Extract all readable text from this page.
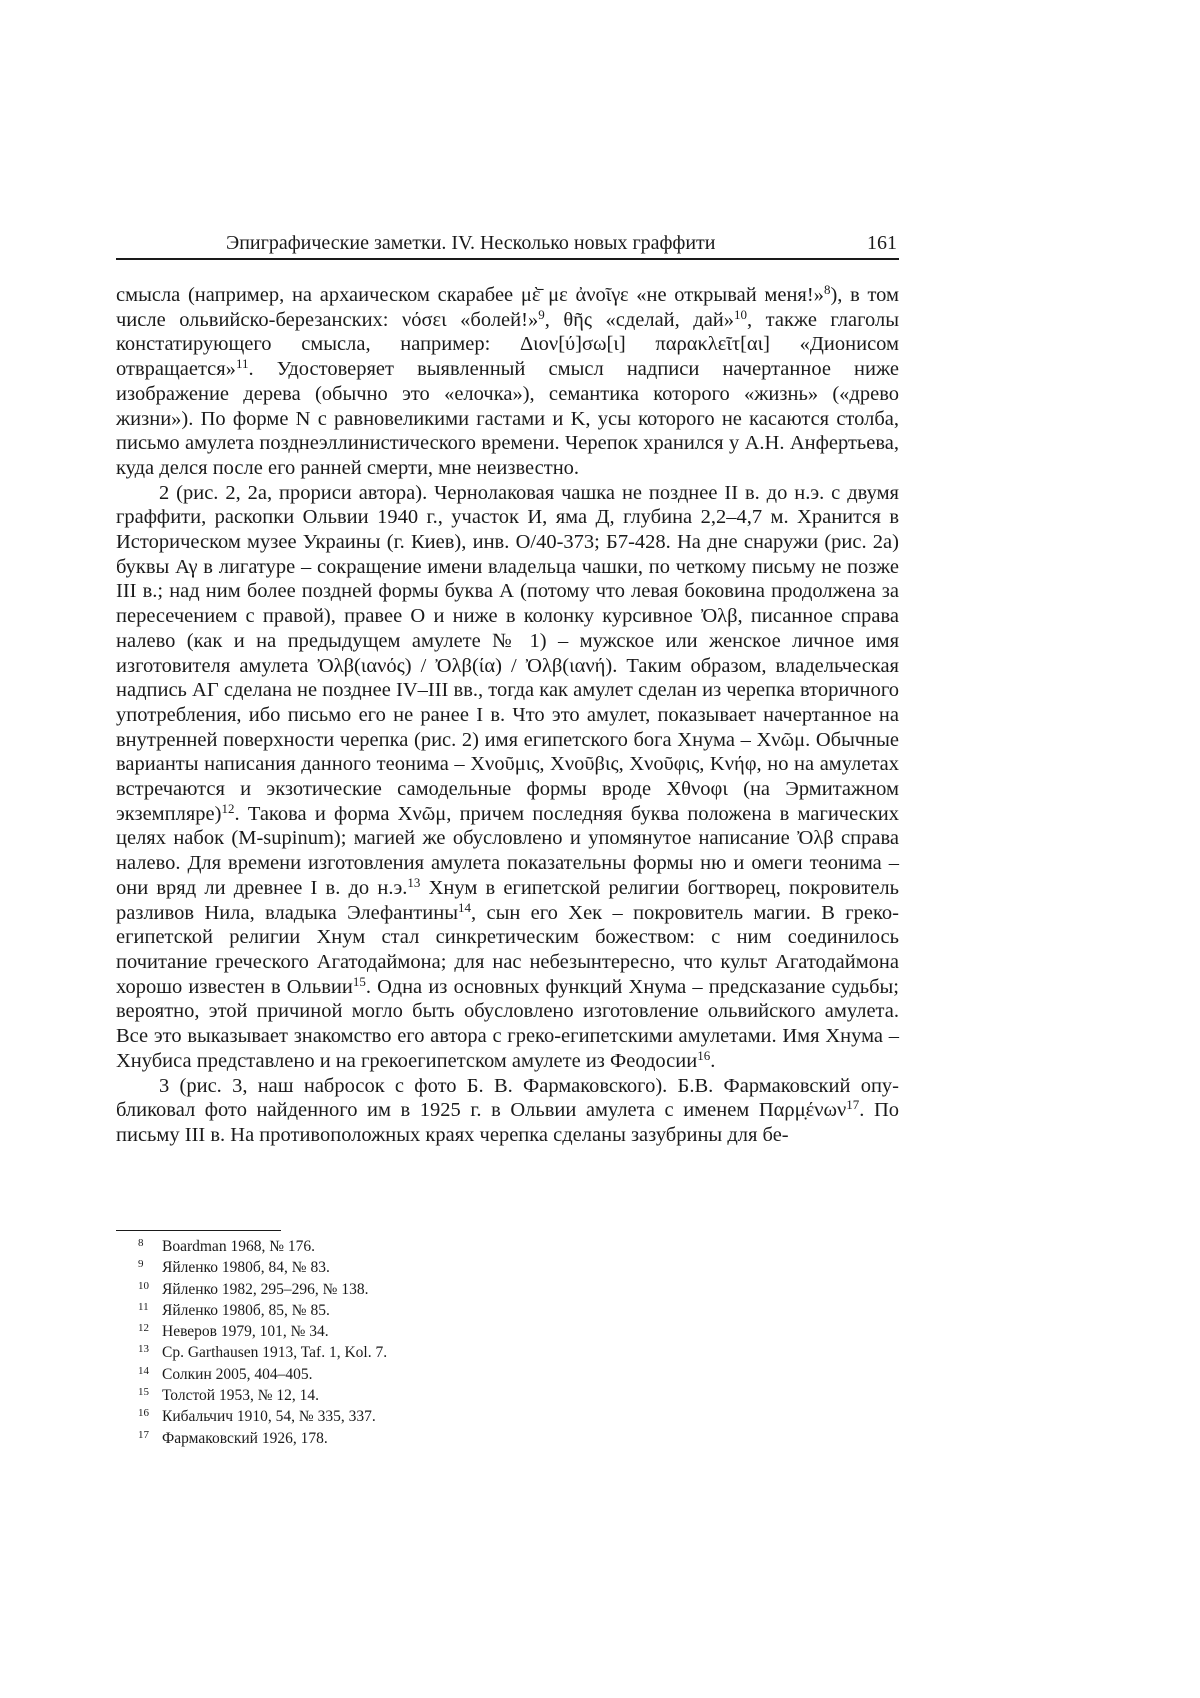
Эпиграфические заметки. IV. Несколько новых граффити	161

смысла (например, на архаическом скарабее μὲ̄ με ἀνοῖγε «не открывай меня!»$^8$), в том числе ольвийско-березанских: νόσει «болей!»$^9$, θῆς «сделай, дай»$^{10}$, также глаголы констатирующего смысла, например: Διον[ύ]σω[ι] παρακλεῖτ[αι] «Дионисом отвращается»$^{11}$. Удостоверяет выявленный смысл надписи начертанное ниже изображение дерева (обычно это «елочка»), семантика которого «жизнь» («древо жизни»). По форме N с равновеликими гастами и K, усы которого не касаются столба, письмо амулета позднеэллинистического времени. Черепок хранился у А.Н. Анфертьева, куда делся после его ранней смерти, мне неизвестно.

2 (рис. 2, 2а, прориси автора). Чернолаковая чашка не позднее II в. до н.э. с двумя граффити, раскопки Ольвии 1940 г., участок И, яма Д, глубина 2,2–4,7 м. Хранится в Историческом музее Украины (г. Киев), инв. О/40-373; Б7-428. На дне снаружи (рис. 2а) буквы Αγ в лигатуре – сокращение имени владельца чашки, по четкому письму не позже III в.; над ним более поздней формы буква А (потому что левая боковина продолжена за пересечением с правой), правее О и ниже в колонку курсивное Ὀλβ, писанное справа налево (как и на предыдущем амулете № 1) – мужское или женское личное имя изготовителя амулета Ὀλβ(ιανός) / Ὀλβ(ία) / Ὀλβ(ιανή). Таким образом, владельческая надпись АГ сделана не позднее IV–III вв., тогда как амулет сделан из черепка вторичного употребления, ибо письмо его не ранее I в. Что это амулет, показывает начертанное на внутренней поверхности черепка (рис. 2) имя египетского бога Хнума – Χνῶμ. Обычные варианты написания данного теонима – Χνοῦμις, Χνοῦβις, Χνοῦφις, Κνήφ, но на амулетах встречаются и экзотические самодельные формы вроде Χθνοφι (на Эрмитажном экземпляре)$^{12}$. Такова и форма Χνῶμ, причем последняя буква положена в магических целях набок (M-supinum); магией же обусловлено и упомянутое написание Ὀλβ справа налево. Для времени изготовления амулета показательны формы ню и омеги теонима – они вряд ли древнее I в. до н.э.$^{13}$ Хнум в египетской религии богтворец, покровитель разливов Нила, владыка Элефантины$^{14}$, сын его Хек – покровитель магии. В греко-египетской религии Хнум стал синкретическим божеством: с ним соединилось почитание греческого Агатодаймона; для нас небезынтересно, что культ Агатодаймона хорошо известен в Ольвии$^{15}$. Одна из основных функций Хнума – предсказание судьбы; вероятно, этой причиной могло быть обусловлено изготовление ольвийского амулета. Все это выказывает знакомство его автора с греко-египетскими амулетами. Имя Хнума – Хнубиса представлено и на грекоегипетском амулете из Феодосии$^{16}$.

3 (рис. 3, наш набросок с фото Б. В. Фармаковского). Б.В. Фармаковский опубликовал фото найденного им в 1925 г. в Ольвии амулета с именем Παρμ̣ένων$^{17}$. По письму III в. На противоположных краях черепка сделаны зазубрины для бе-

8	Boardman 1968, № 176.
9	Яйленко 1980б, 84, № 83.
10 Яйленко 1982, 295–296, № 138.
11 Яйленко 1980б, 85, № 85.
12 Неверов 1979, 101, № 34.
13 Ср. Garthausen 1913, Taf. 1, Kol. 7.
14 Солкин 2005, 404–405.
15 Толстой 1953, № 12, 14.
16 Кибальчич 1910, 54, № 335, 337.
17 Фармаковский 1926, 178.
